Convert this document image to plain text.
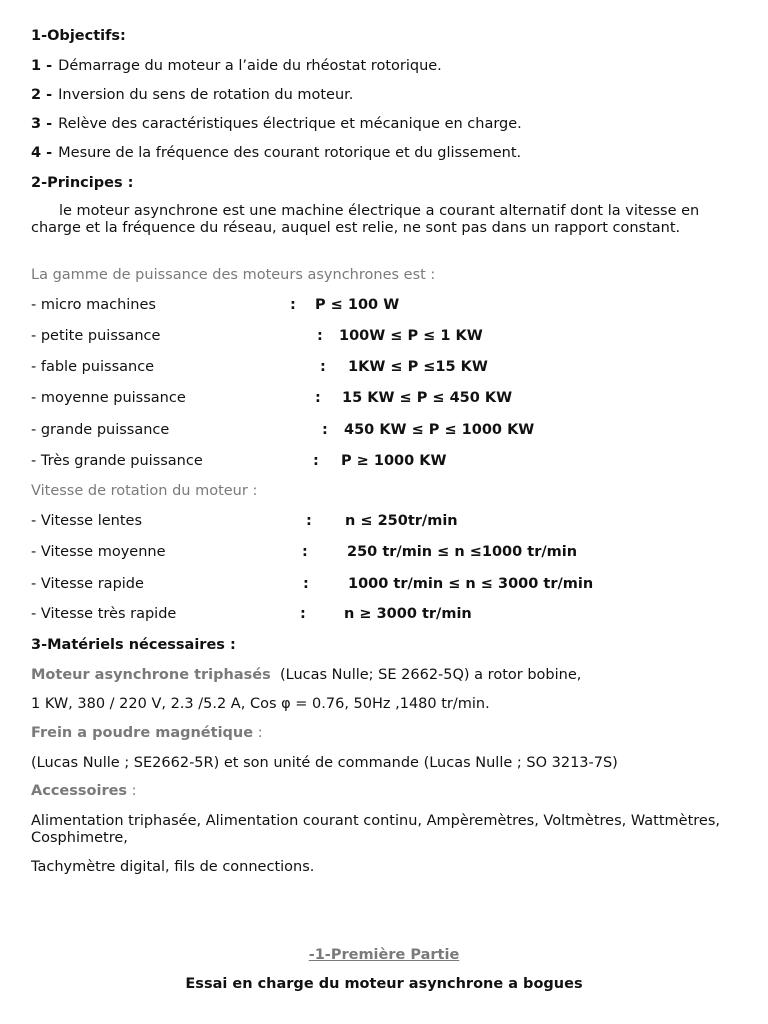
1-Objectifs:
1 - Démarrage du moteur a l’aide du rhéostat rotorique.
2 - Inversion du sens de rotation du moteur.
3 - Relève des caractéristiques électrique et mécanique en charge.
4 - Mesure de la fréquence des courant rotorique et du glissement.
2-Principes :
le moteur asynchrone est une machine électrique a courant alternatif dont la vitesse en charge et la fréquence du réseau, auquel est relie, ne sont pas dans un rapport constant.
La gamme de puissance des moteurs asynchrones est :
- micro machines	: P ≤ 100 W
- petite puissance	: 100W ≤ P ≤ 1 KW
- fable puissance	: 1KW ≤ P ≤15 KW
- moyenne puissance	: 15 KW ≤ P ≤ 450 KW
- grande puissance	: 450 KW ≤ P ≤ 1000 KW
- Très grande puissance	: P ≥ 1000 KW
Vitesse de rotation du moteur :
- Vitesse lentes	: n ≤ 250tr/min
- Vitesse moyenne	:	250 tr/min ≤ n ≤1000 tr/min
- Vitesse rapide	:	1000 tr/min ≤ n ≤ 3000 tr/min
- Vitesse très rapide	:	n ≥ 3000 tr/min
3-Matériels nécessaires :
Moteur asynchrone triphasés (Lucas Nulle; SE 2662-5Q) a rotor bobine,
1 KW, 380 / 220 V, 2.3 /5.2 A, Cos φ = 0.76, 50Hz ,1480 tr/min.
Frein a poudre magnétique :
(Lucas Nulle ; SE2662-5R) et son unité de commande (Lucas Nulle ; SO 3213-7S)
Accessoires :
Alimentation triphasée, Alimentation courant continu, Ampèremètres, Voltmètres, Wattmètres, Cosphimetre,
Tachymètre digital, fils de connections.
-1-Première Partie
Essai en charge du moteur asynchrone a bogues
